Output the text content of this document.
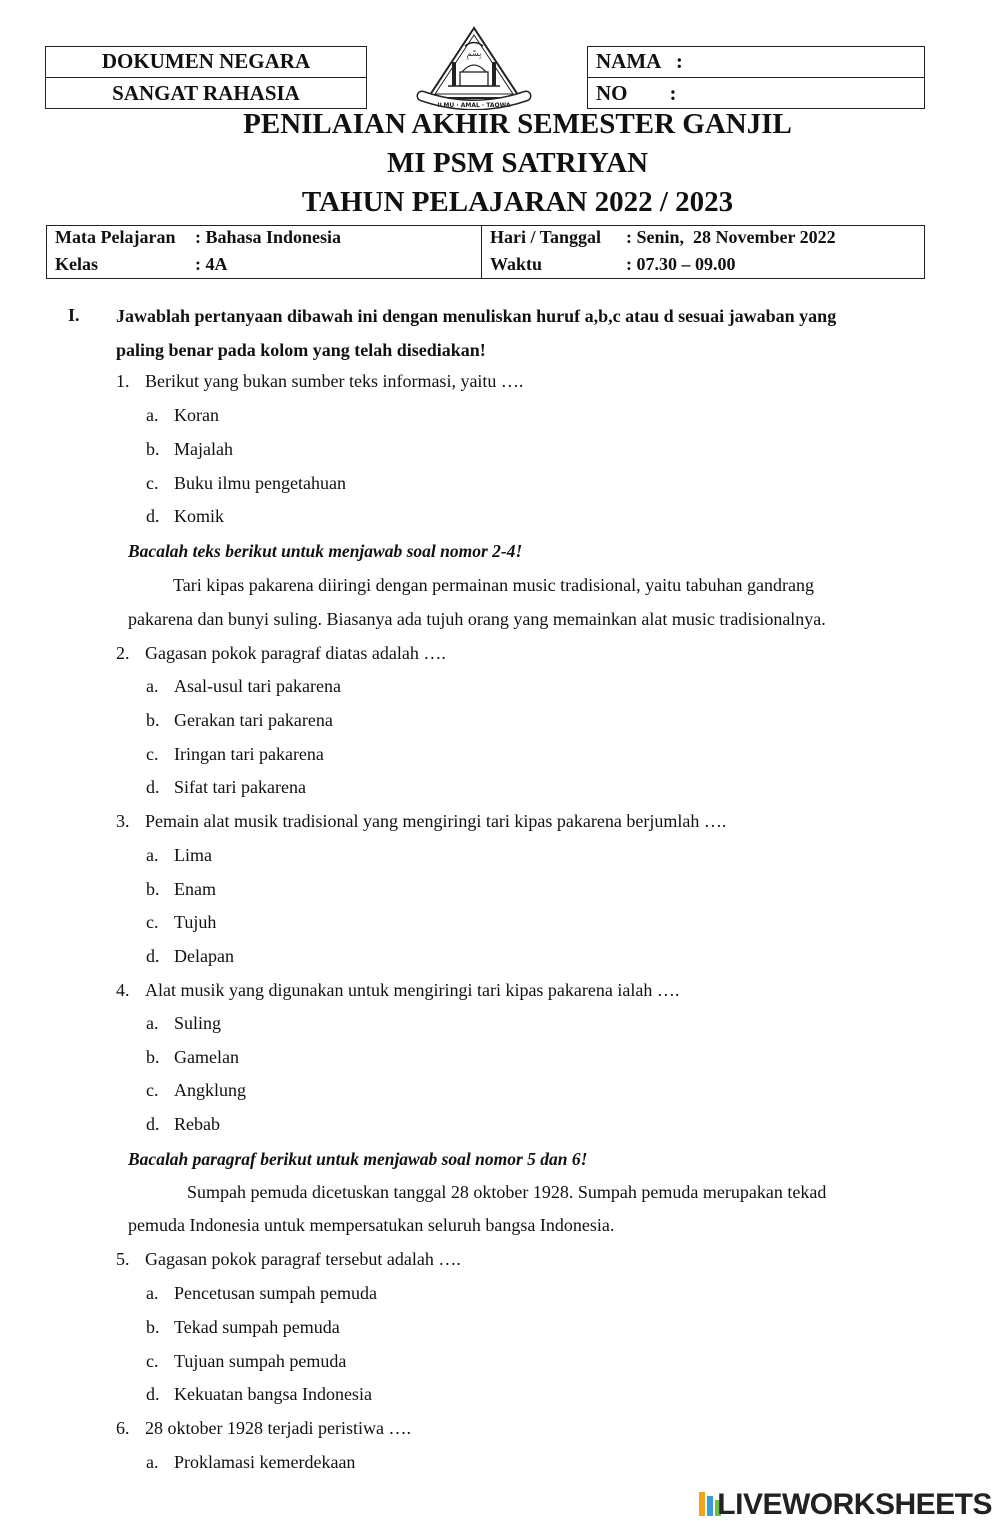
DOKUMEN NEGARA
SANGAT RAHASIA
NAMA   :
NO        :
بِسْمِ
ILMU · AMAL · TAQWA
PENILAIAN AKHIR SEMESTER GANJIL
MI PSM SATRIYAN
TAHUN PELAJARAN 2022 / 2023
Mata Pelajaran : Bahasa Indonesia
Kelas	: 4A
Hari / Tanggal : Senin,  28 November 2022
Waktu	: 07.30 – 09.00
I. Jawablah pertanyaan dibawah ini dengan menuliskan huruf a,b,c atau d sesuai jawaban yang
paling benar pada kolom yang telah disediakan!
1. Berikut yang bukan sumber teks informasi, yaitu ….
a. Koran
b. Majalah
c. Buku ilmu pengetahuan
d. Komik
Bacalah teks berikut untuk menjawab soal nomor 2-4!
Tari kipas pakarena diiringi dengan permainan music tradisional, yaitu tabuhan gandrang
pakarena dan bunyi suling. Biasanya ada tujuh orang yang memainkan alat music tradisionalnya.
2. Gagasan pokok paragraf diatas adalah ….
a. Asal-usul tari pakarena
b. Gerakan tari pakarena
c. Iringan tari pakarena
d. Sifat tari pakarena
3. Pemain alat musik tradisional yang mengiringi tari kipas pakarena berjumlah ….
a. Lima
b. Enam
c. Tujuh
d. Delapan
4. Alat musik yang digunakan untuk mengiringi tari kipas pakarena ialah ….
a. Suling
b. Gamelan
c. Angklung
d. Rebab
Bacalah paragraf berikut untuk menjawab soal nomor 5 dan 6!
Sumpah pemuda dicetuskan tanggal 28 oktober 1928. Sumpah pemuda merupakan tekad
pemuda Indonesia untuk mempersatukan seluruh bangsa Indonesia.
5. Gagasan pokok paragraf tersebut adalah ….
a. Pencetusan sumpah pemuda
b. Tekad sumpah pemuda
c. Tujuan sumpah pemuda
d. Kekuatan bangsa Indonesia
6. 28 oktober 1928 terjadi peristiwa ….
a. Proklamasi kemerdekaan
LIVEWORKSHEETS
